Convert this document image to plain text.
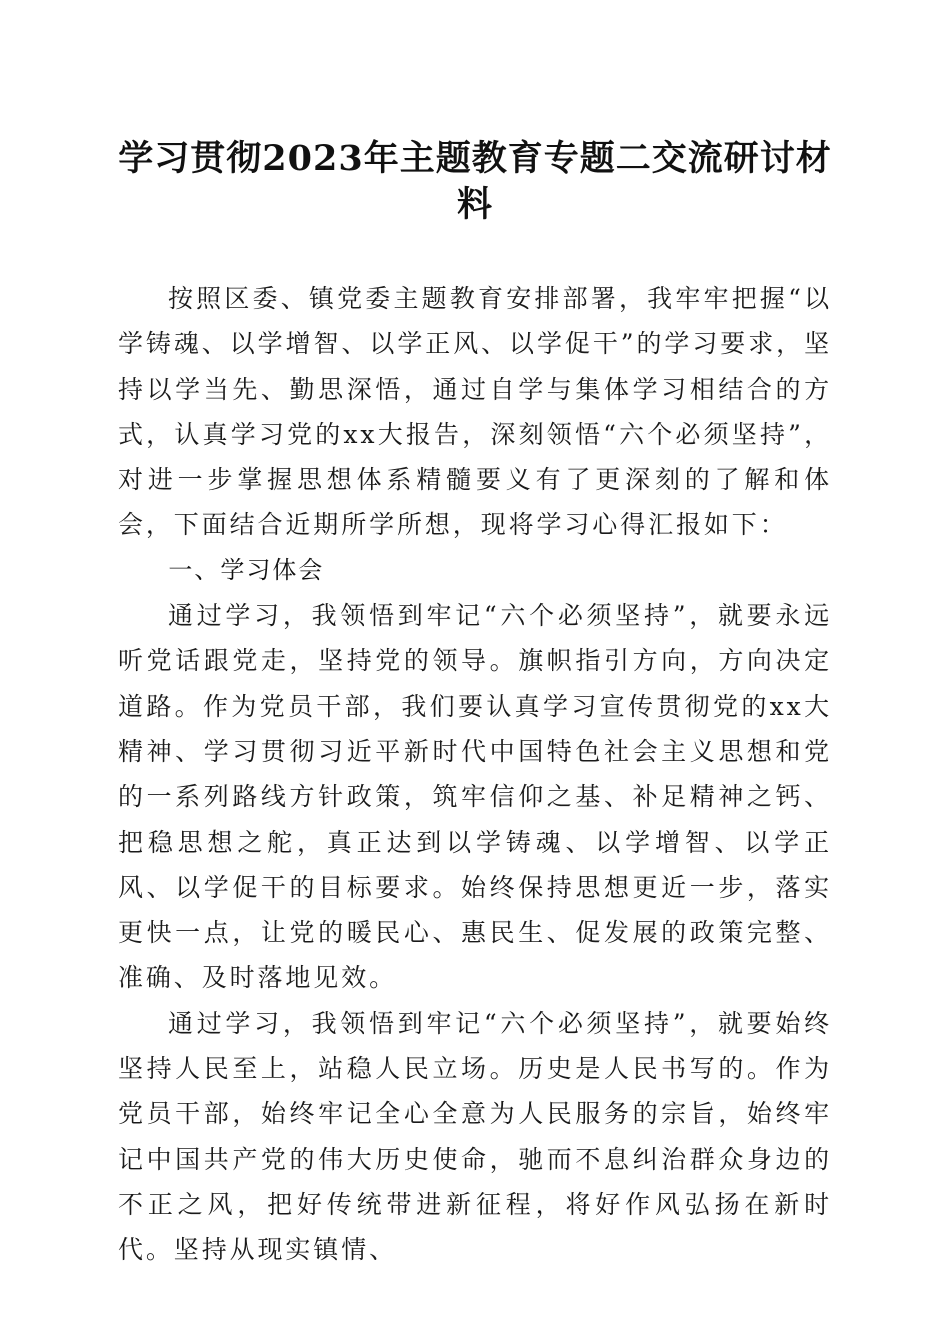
学习贯彻2023年主题教育专题二交流研讨材料

按照区委、镇党委主题教育安排部署，我牢牢把握“以学铸魂、以学增智、以学正风、以学促干”的学习要求，坚持以学当先、勤思深悟，通过自学与集体学习相结合的方式，认真学习党的xx大报告，深刻领悟“六个必须坚持”，对进一步掌握思想体系精髓要义有了更深刻的了解和体会，下面结合近期所学所想，现将学习心得汇报如下：

一、学习体会

通过学习，我领悟到牢记“六个必须坚持”，就要永远听党话跟党走，坚持党的领导。旗帜指引方向，方向决定道路。作为党员干部，我们要认真学习宣传贯彻党的xx大精神、学习贯彻习近平新时代中国特色社会主义思想和党的一系列路线方针政策，筑牢信仰之基、补足精神之钙、把稳思想之舵，真正达到以学铸魂、以学增智、以学正风、以学促干的目标要求。始终保持思想更近一步，落实更快一点，让党的暖民心、惠民生、促发展的政策完整、准确、及时落地见效。

通过学习，我领悟到牢记“六个必须坚持”，就要始终坚持人民至上，站稳人民立场。历史是人民书写的。作为党员干部，始终牢记全心全意为人民服务的宗旨，始终牢记中国共产党的伟大历史使命，驰而不息纠治群众身边的不正之风，把好传统带进新征程，将好作风弘扬在新时代。坚持从现实镇情、
